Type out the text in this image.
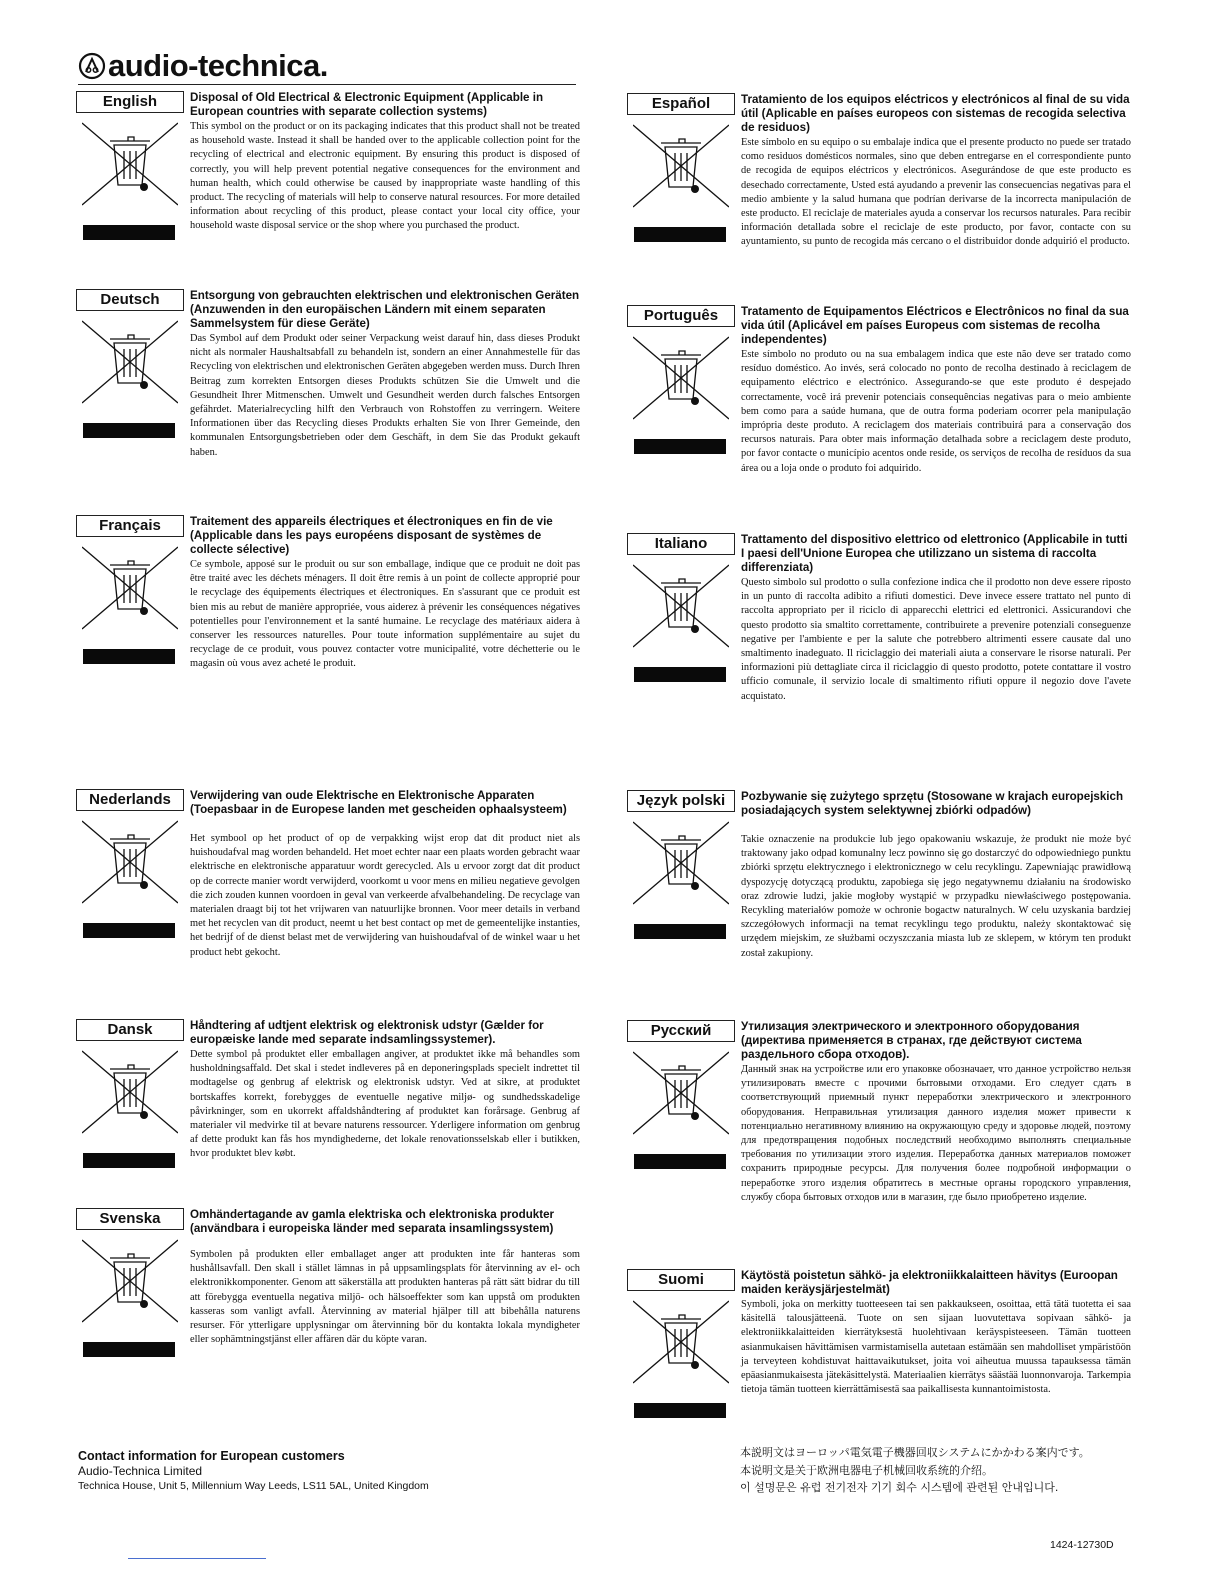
audio-technica.
English	Disposal of Old Electrical & Electronic Equipment (Applicable in European countries with separate collection systems)
This symbol on the product or on its packaging indicates that this product shall not be treated as household waste. Instead it shall be handed over to the applicable collection point for the recycling of electrical and electronic equipment. By ensuring this product is disposed of correctly, you will help prevent potential negative consequences for the environment and human health, which could otherwise be caused by inappropriate waste handling of this product. The recycling of materials will help to conserve natural resources. For more detailed information about recycling of this product, please contact your local city office, your household waste disposal service or the shop where you purchased the product.
Deutsch	Entsorgung von gebrauchten elektrischen und elektronischen Geräten (Anzuwenden in den europäischen Ländern mit einem separaten Sammelsystem für diese Geräte)
Das Symbol auf dem Produkt oder seiner Verpackung weist darauf hin, dass dieses Produkt nicht als normaler Haushaltsabfall zu behandeln ist, sondern an einer Annahmestelle für das Recycling von elektrischen und elektronischen Geräten abgegeben werden muss. Durch Ihren Beitrag zum korrekten Entsorgen dieses Produkts schützen Sie die Umwelt und die Gesundheit Ihrer Mitmenschen. Umwelt und Gesundheit werden durch falsches Entsorgen gefährdet. Materialrecycling hilft den Verbrauch von Rohstoffen zu verringern. Weitere Informationen über das Recycling dieses Produkts erhalten Sie von Ihrer Gemeinde, den kommunalen Entsorgungsbetrieben oder dem Geschäft, in dem Sie das Produkt gekauft haben.
Français	Traitement des appareils électriques et électroniques en fin de vie (Applicable dans les pays européens disposant de systèmes de collecte sélective)
Ce symbole, apposé sur le produit ou sur son emballage, indique que ce produit ne doit pas être traité avec les déchets ménagers. Il doit être remis à un point de collecte approprié pour le recyclage des équipements électriques et électroniques. En s'assurant que ce produit est bien mis au rebut de manière appropriée, vous aiderez à prévenir les conséquences négatives potentielles pour l'environnement et la santé humaine. Le recyclage des matériaux aidera à conserver les ressources naturelles. Pour toute information supplémentaire au sujet du recyclage de ce produit, vous pouvez contacter votre municipalité, votre déchetterie ou le magasin où vous avez acheté le produit.
Nederlands	Verwijdering van oude Elektrische en Elektronische Apparaten (Toepasbaar in de Europese landen met gescheiden ophaalsysteem)
Het symbool op het product of op de verpakking wijst erop dat dit product niet als huishoudafval mag worden behandeld. Het moet echter naar een plaats worden gebracht waar elektrische en elektronische apparatuur wordt gerecycled. Als u ervoor zorgt dat dit product op de correcte manier wordt verwijderd, voorkomt u voor mens en milieu negatieve gevolgen die zich zouden kunnen voordoen in geval van verkeerde afvalbehandeling. De recyclage van materialen draagt bij tot het vrijwaren van natuurlijke bronnen. Voor meer details in verband met het recyclen van dit product, neemt u het best contact op met de gemeentelijke instanties, het bedrijf of de dienst belast met de verwijdering van huishoudafval of de winkel waar u het product hebt gekocht.
Dansk	Håndtering af udtjent elektrisk og elektronisk udstyr (Gælder for europæiske lande med separate indsamlingssystemer).
Dette symbol på produktet eller emballagen angiver, at produktet ikke må behandles som husholdningsaffald. Det skal i stedet indleveres på en deponeringsplads specielt indrettet til modtagelse og genbrug af elektrisk og elektronisk udstyr. Ved at sikre, at produktet bortskaffes korrekt, forebygges de eventuelle negative miljø- og sundhedsskadelige påvirkninger, som en ukorrekt affaldshåndtering af produktet kan forårsage. Genbrug af materialer vil medvirke til at bevare naturens ressourcer. Yderligere information om genbrug af dette produkt kan fås hos myndighederne, det lokale renovationsselskab eller i butikken, hvor produktet blev købt.
Svenska	Omhändertagande av gamla elektriska och elektroniska produkter (användbara i europeiska länder med separata insamlingssystem)
Symbolen på produkten eller emballaget anger att produkten inte får hanteras som hushållsavfall. Den skall i stället lämnas in på uppsamlingsplats för återvinning av el- och elektronikkomponenter. Genom att säkerställa att produkten hanteras på rätt sätt bidrar du till att förebygga eventuella negativa miljö- och hälsoeffekter som kan uppstå om produkten kasseras som vanligt avfall. Återvinning av material hjälper till att bibehålla naturens resurser. För ytterligare upplysningar om återvinning bör du kontakta lokala myndigheter eller sophämtningstjänst eller affären där du köpte varan.
Español	Tratamiento de los equipos eléctricos y electrónicos al final de su vida útil (Aplicable en países europeos con sistemas de recogida selectiva de residuos)
Este símbolo en su equipo o su embalaje indica que el presente producto no puede ser tratado como residuos domésticos normales, sino que deben entregarse en el correspondiente punto de recogida de equipos eléctricos y electrónicos. Asegurándose de que este producto es desechado correctamente, Usted está ayudando a prevenir las consecuencias negativas para el medio ambiente y la salud humana que podrían derivarse de la incorrecta manipulación de este producto. El reciclaje de materiales ayuda a conservar los recursos naturales. Para recibir información detallada sobre el reciclaje de este producto, por favor, contacte con su ayuntamiento, su punto de recogida más cercano o el distribuidor donde adquirió el producto.
Português	Tratamento de Equipamentos Eléctricos e Electrônicos no final da sua vida útil (Aplicável em países Europeus com sistemas de recolha independentes)
Este símbolo no produto ou na sua embalagem indica que este não deve ser tratado como resíduo doméstico. Ao invés, será colocado no ponto de recolha destinado à reciclagem de equipamento eléctrico e electrónico. Assegurando-se que este produto é despejado correctamente, você irá prevenir potenciais consequências negativas para o meio ambiente bem como para a saúde humana, que de outra forma poderiam ocorrer pela manipulação imprópria deste produto. A reciclagem dos materiais contribuirá para a conservação dos recursos naturais. Para obter mais informação detalhada sobre a reciclagem deste produto, por favor contacte o município acentos onde reside, os serviços de recolha de resíduos da sua área ou a loja onde o produto foi adquirido.
Italiano	Trattamento del dispositivo elettrico od elettronico (Applicabile in tutti I paesi dell'Unione Europea che utilizzano un sistema di raccolta differenziata)
Questo simbolo sul prodotto o sulla confezione indica che il prodotto non deve essere riposto in un punto di raccolta adibito a rifiuti domestici. Deve invece essere trattato nel punto di raccolta appropriato per il riciclo di apparecchi elettrici ed elettronici. Assicurandovi che questo prodotto sia smaltito correttamente, contribuirete a prevenire potenziali conseguenze negative per l'ambiente e per la salute che potrebbero altrimenti essere causate dal uno smaltimento inadeguato. Il riciclaggio dei materiali aiuta a conservare le risorse naturali. Per informazioni più dettagliate circa il riciclaggio di questo prodotto, potete contattare il vostro ufficio comunale, il servizio locale di smaltimento rifiuti oppure il negozio dove l'avete acquistato.
Język polski	Pozbywanie się zużytego sprzętu (Stosowane w krajach europejskich posiadających system selektywnej zbiórki odpadów)
Takie oznaczenie na produkcie lub jego opakowaniu wskazuje, że produkt nie może być traktowany jako odpad komunalny lecz powinno się go dostarczyć do odpowiedniego punktu zbiórki sprzętu elektrycznego i elektronicznego w celu recyklingu. Zapewniając prawidłową dyspozycję dotyczącą produktu, zapobiega się jego negatywnemu działaniu na środowisko oraz zdrowie ludzi, jakie mogłoby wystąpić w przypadku niewłaściwego postępowania. Recykling materiałów pomoże w ochronie bogactw naturalnych. W celu uzyskania bardziej szczegółowych informacji na temat recyklingu tego produktu, należy skontaktować się urzędem miejskim, ze służbami oczyszczania miasta lub ze sklepem, w którym ten produkt został zakupiony.
Русский	Утилизация электрического и электронного оборудования (директива применяется в странах, где действуют система раздельного сбора отходов).
Данный знак на устройстве или его упаковке обозначает, что данное устройство нельзя утилизировать вместе с прочими бытовыми отходами. Его следует сдать в соответствующий приемный пункт переработки электрического и электронного оборудования. Неправильная утилизация данного изделия может привести к потенциально негативному влиянию на окружающую среду и здоровье людей, поэтому для предотвращения подобных последствий необходимо выполнять специальные требования по утилизации этого изделия. Переработка данных материалов поможет сохранить природные ресурсы. Для получения более подробной информации о переработке этого изделия обратитесь в местные органы городского управления, службу сбора бытовых отходов или в магазин, где было приобретено изделие.
Suomi	Käytöstä poistetun sähkö- ja elektroniikkalaitteen hävitys (Euroopan maiden keräysjärjestelmät)
Symboli, joka on merkitty tuotteeseen tai sen pakkaukseen, osoittaa, että tätä tuotetta ei saa käsitellä talousjätteenä. Tuote on sen sijaan luovutettava sopivaan sähkö- ja elektroniikkalaitteiden kierrätyksestä huolehtivaan keräyspisteeseen. Tämän tuotteen asianmukaisen hävittämisen varmistamisella autetaan estämään sen mahdolliset ympäristöön ja terveyteen kohdistuvat haittavaikutukset, joita voi aiheutua muussa tapauksessa tämän epäasianmukaisesta jätekäsittelystä. Materiaalien kierrätys säästää luonnonvaroja. Tarkempia tietoja tämän tuotteen kierrättämisestä saa paikallisesta kunnantoimistosta.
Contact information for European customers
Audio-Technica Limited
Technica House, Unit 5, Millennium Way Leeds, LS11 5AL, United Kingdom
本説明文はヨーロッパ電気電子機器回収システムにかかわる案内です。
本说明文是关于欧洲电器电子机械回收系统的介绍。
이 설명문은 유럽 전기전자 기기 회수 시스템에 관련된 안내입니다.
1424-12730D
